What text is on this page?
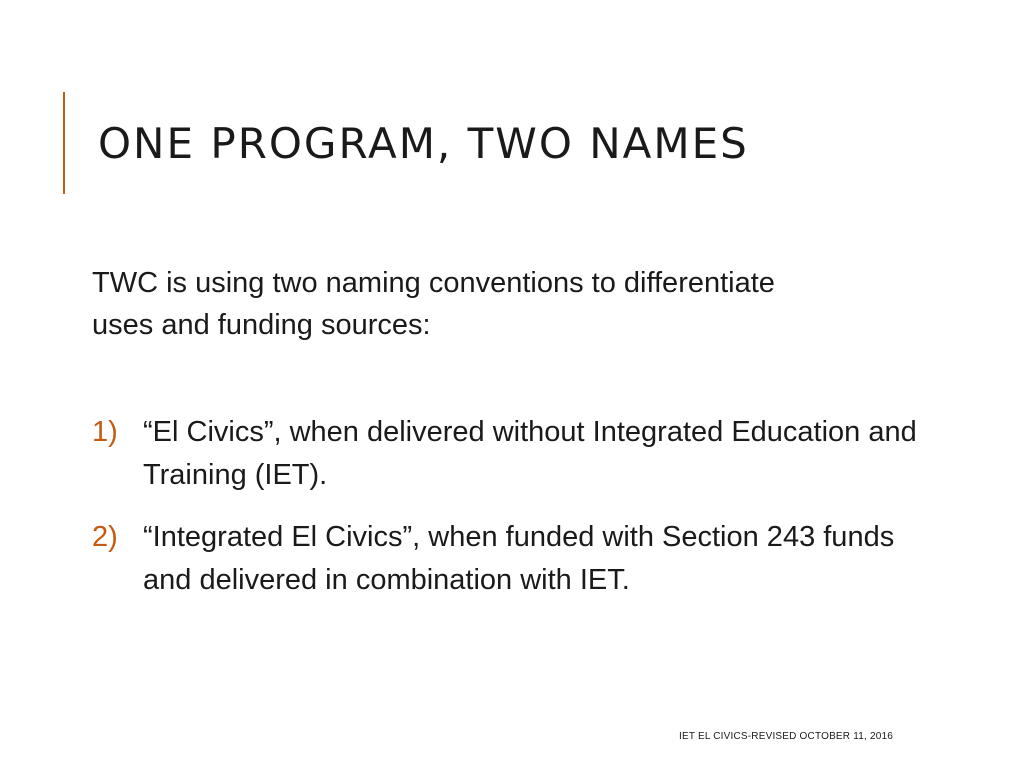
ONE PROGRAM, TWO NAMES
TWC is using two naming conventions to differentiate uses and funding sources:
1) “El Civics”, when delivered without Integrated Education and Training (IET).
2) “Integrated El Civics”, when funded with Section 243 funds and delivered in combination with IET.
IET EL CIVICS-REVISED OCTOBER 11, 2016
